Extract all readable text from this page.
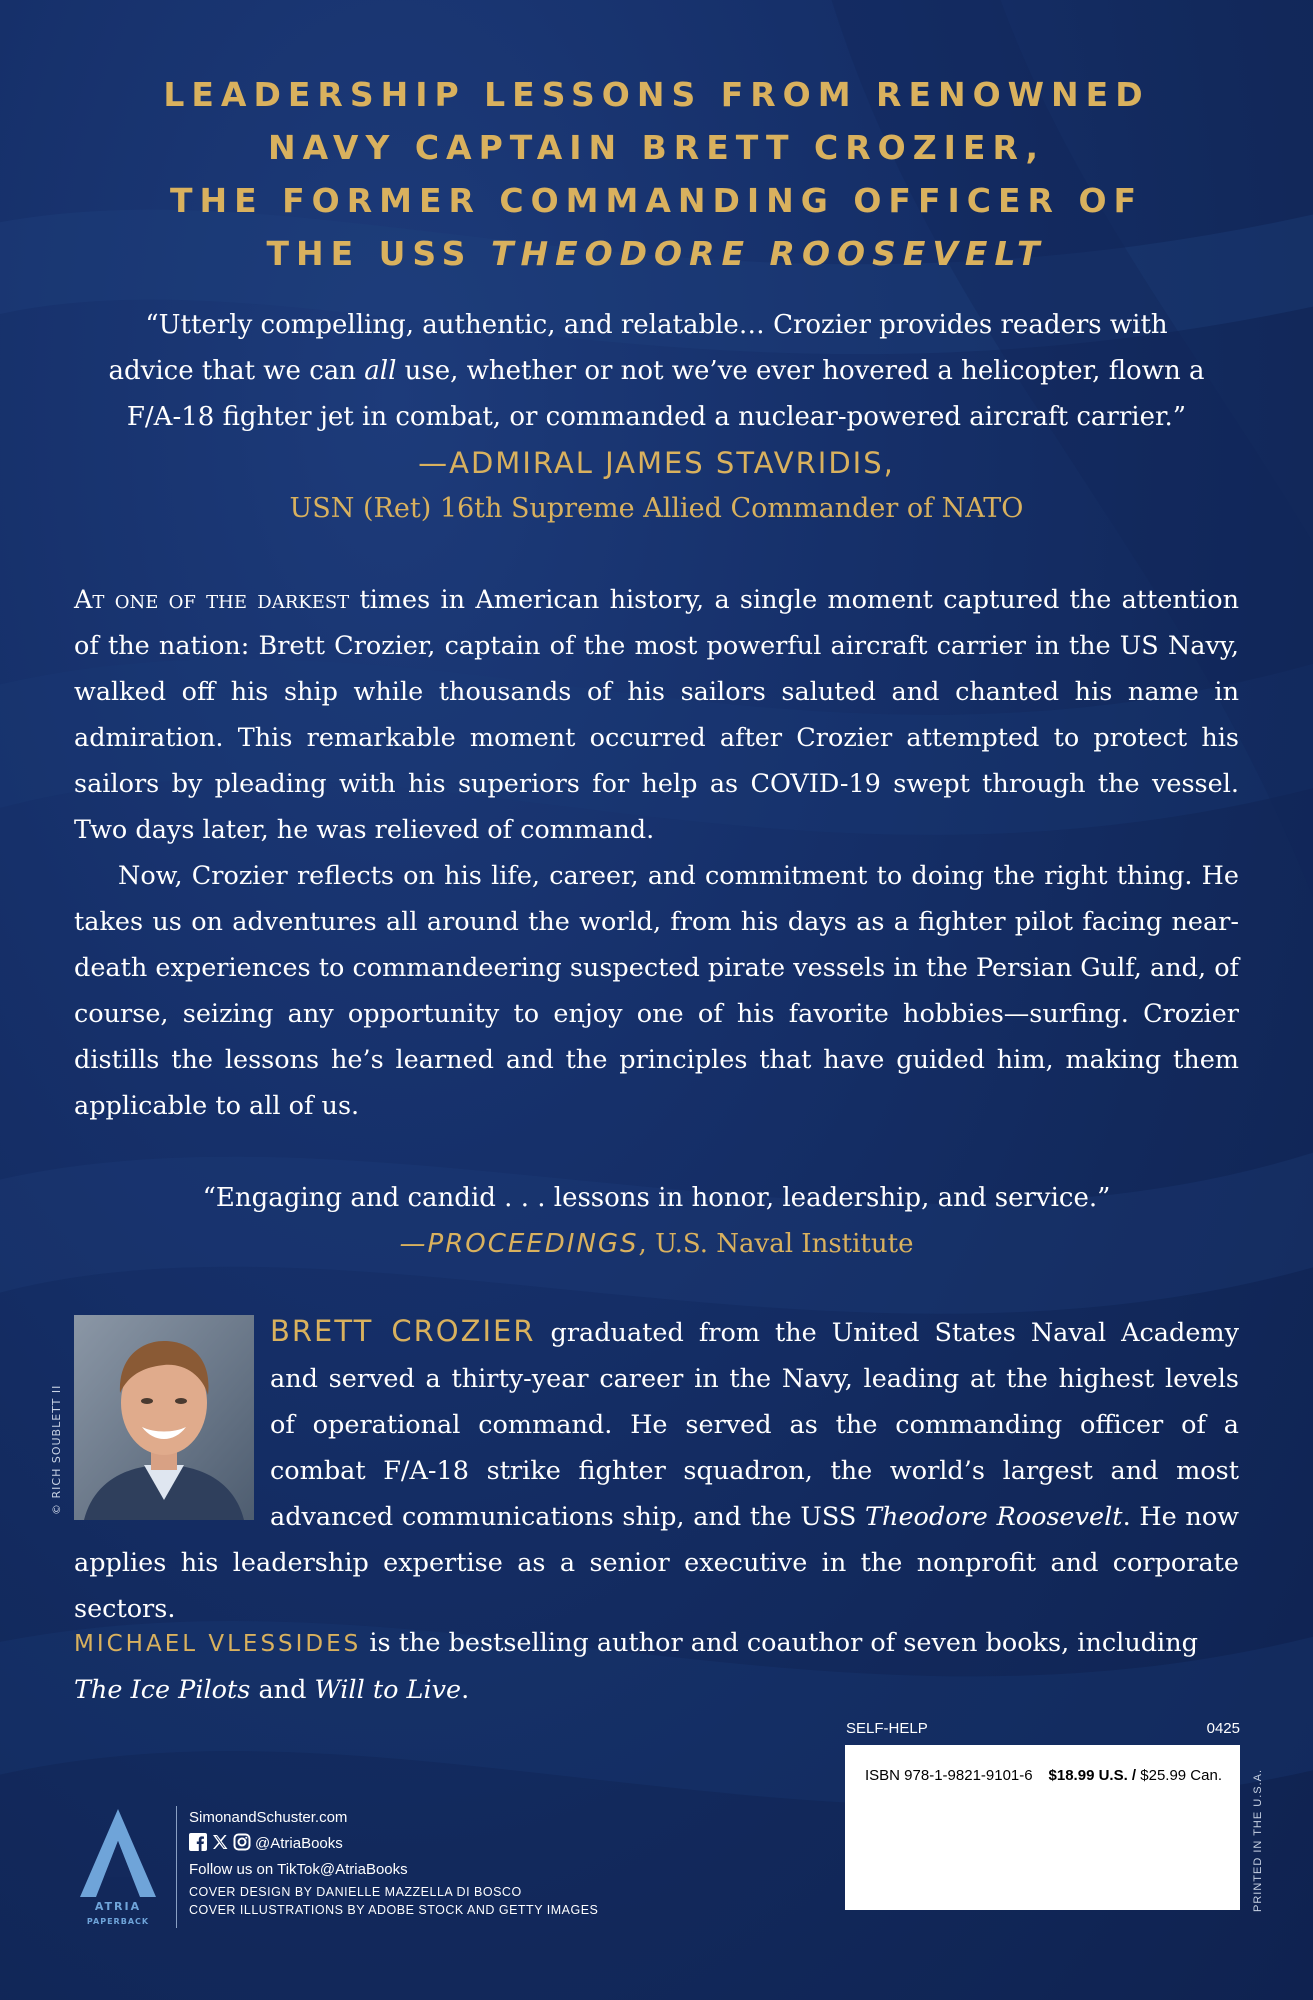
LEADERSHIP LESSONS FROM RENOWNED
NAVY CAPTAIN BRETT CROZIER,
THE FORMER COMMANDING OFFICER OF
THE USS THEODORE ROOSEVELT
“Utterly compelling, authentic, and relatable… Crozier provides readers with
advice that we can all use, whether or not we’ve ever hovered a helicopter, flown a
F/A-18 fighter jet in combat, or commanded a nuclear-powered aircraft carrier.”
—ADMIRAL JAMES STAVRIDIS,
USN (Ret) 16th Supreme Allied Commander of NATO

At one of the darkest times in American history, a single moment captured the attention of the nation: Brett Crozier, captain of the most powerful aircraft carrier in the US Navy, walked off his ship while thousands of his sailors saluted and chanted his name in admiration. This remarkable moment occurred after Crozier attempted to protect his sailors by pleading with his superiors for help as COVID-19 swept through the vessel. Two days later, he was relieved of command.

Now, Crozier reflects on his life, career, and commitment to doing the right thing. He takes us on adventures all around the world, from his days as a fighter pilot facing near-death experiences to commandeering suspected pirate vessels in the Persian Gulf, and, of course, seizing any opportunity to enjoy one of his favorite hobbies—surfing. Crozier distills the lessons he’s learned and the principles that have guided him, making them applicable to all of us.

“Engaging and candid . . . lessons in honor, leadership, and service.”
—PROCEEDINGS, U.S. Naval Institute
© RICH SOUBLETT II
BRETT CROZIER graduated from the United States Naval Academy and served a thirty-year career in the Navy, leading at the highest levels of operational command. He served as the commanding officer of a combat F/A-18 strike fighter squadron, the world’s largest and most advanced communications ship, and the USS Theodore Roosevelt. He now applies his leadership expertise as a senior executive in the nonprofit and corporate sectors.
MICHAEL VLESSIDES is the bestselling author and coauthor of seven books, including The Ice Pilots and Will to Live.
SELF-HELP	0425
ISBN 978-1-9821-9101-6 $18.99 U.S. / $25.99 Can.	PRINTED IN THE U.S.A.
ATRIA
PAPERBACK
SimonandSchuster.com
@AtriaBooks
Follow us on TikTok@AtriaBooks
COVER DESIGN BY DANIELLE MAZZELLA DI BOSCO
COVER ILLUSTRATIONS BY ADOBE STOCK AND GETTY IMAGES
